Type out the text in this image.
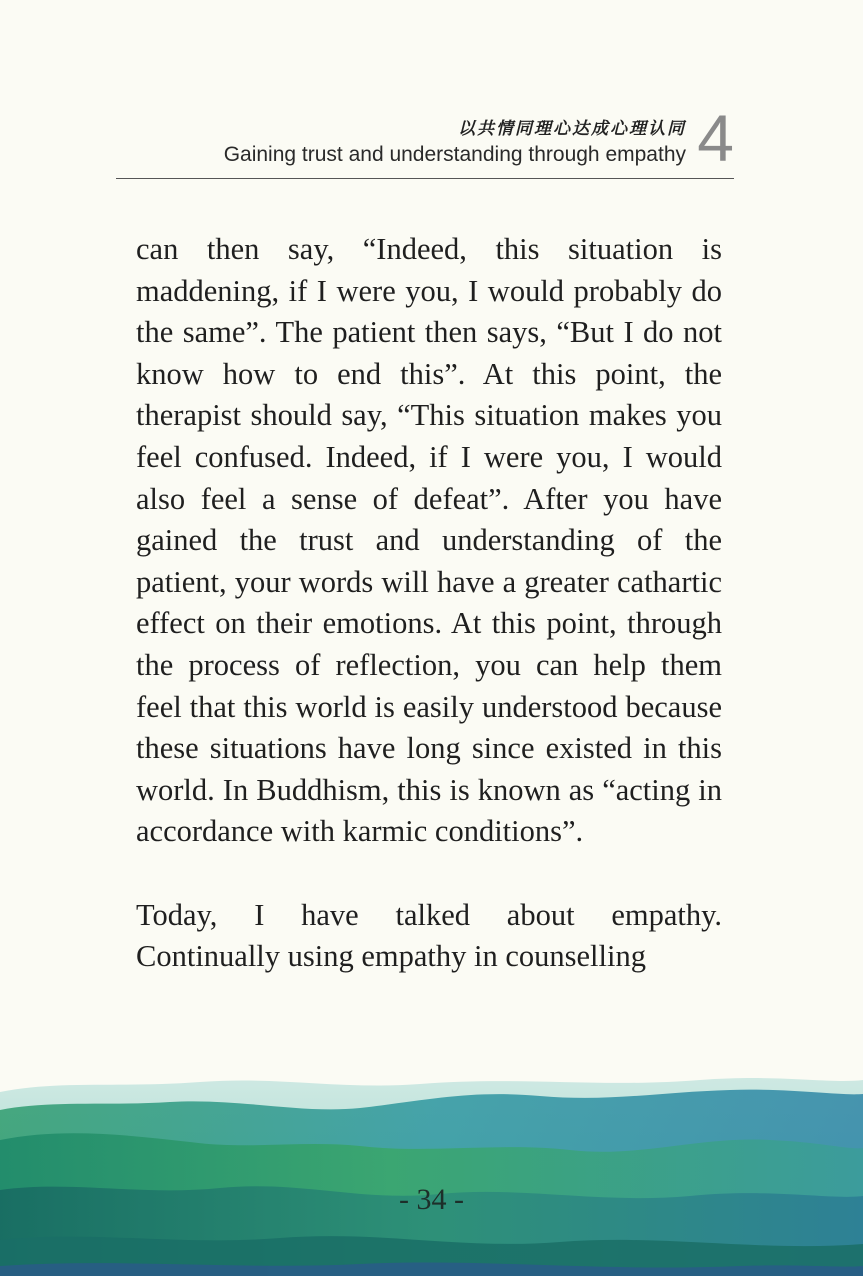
以共情同理心达成心理认同
Gaining trust and understanding through empathy 4

can then say, “Indeed, this situation is maddening, if I were you, I would probably do the same”. The patient then says, “But I do not know how to end this”. At this point, the therapist should say, “This situation makes you feel confused. Indeed, if I were you, I would also feel a sense of defeat”. After you have gained the trust and understanding of the patient, your words will have a greater cathartic effect on their emotions. At this point, through the process of reflection, you can help them feel that this world is easily understood because these situations have long since existed in this world. In Buddhism, this is known as “acting in accordance with karmic conditions”.

Today, I have talked about empathy. Continually using empathy in counselling

- 34 -
